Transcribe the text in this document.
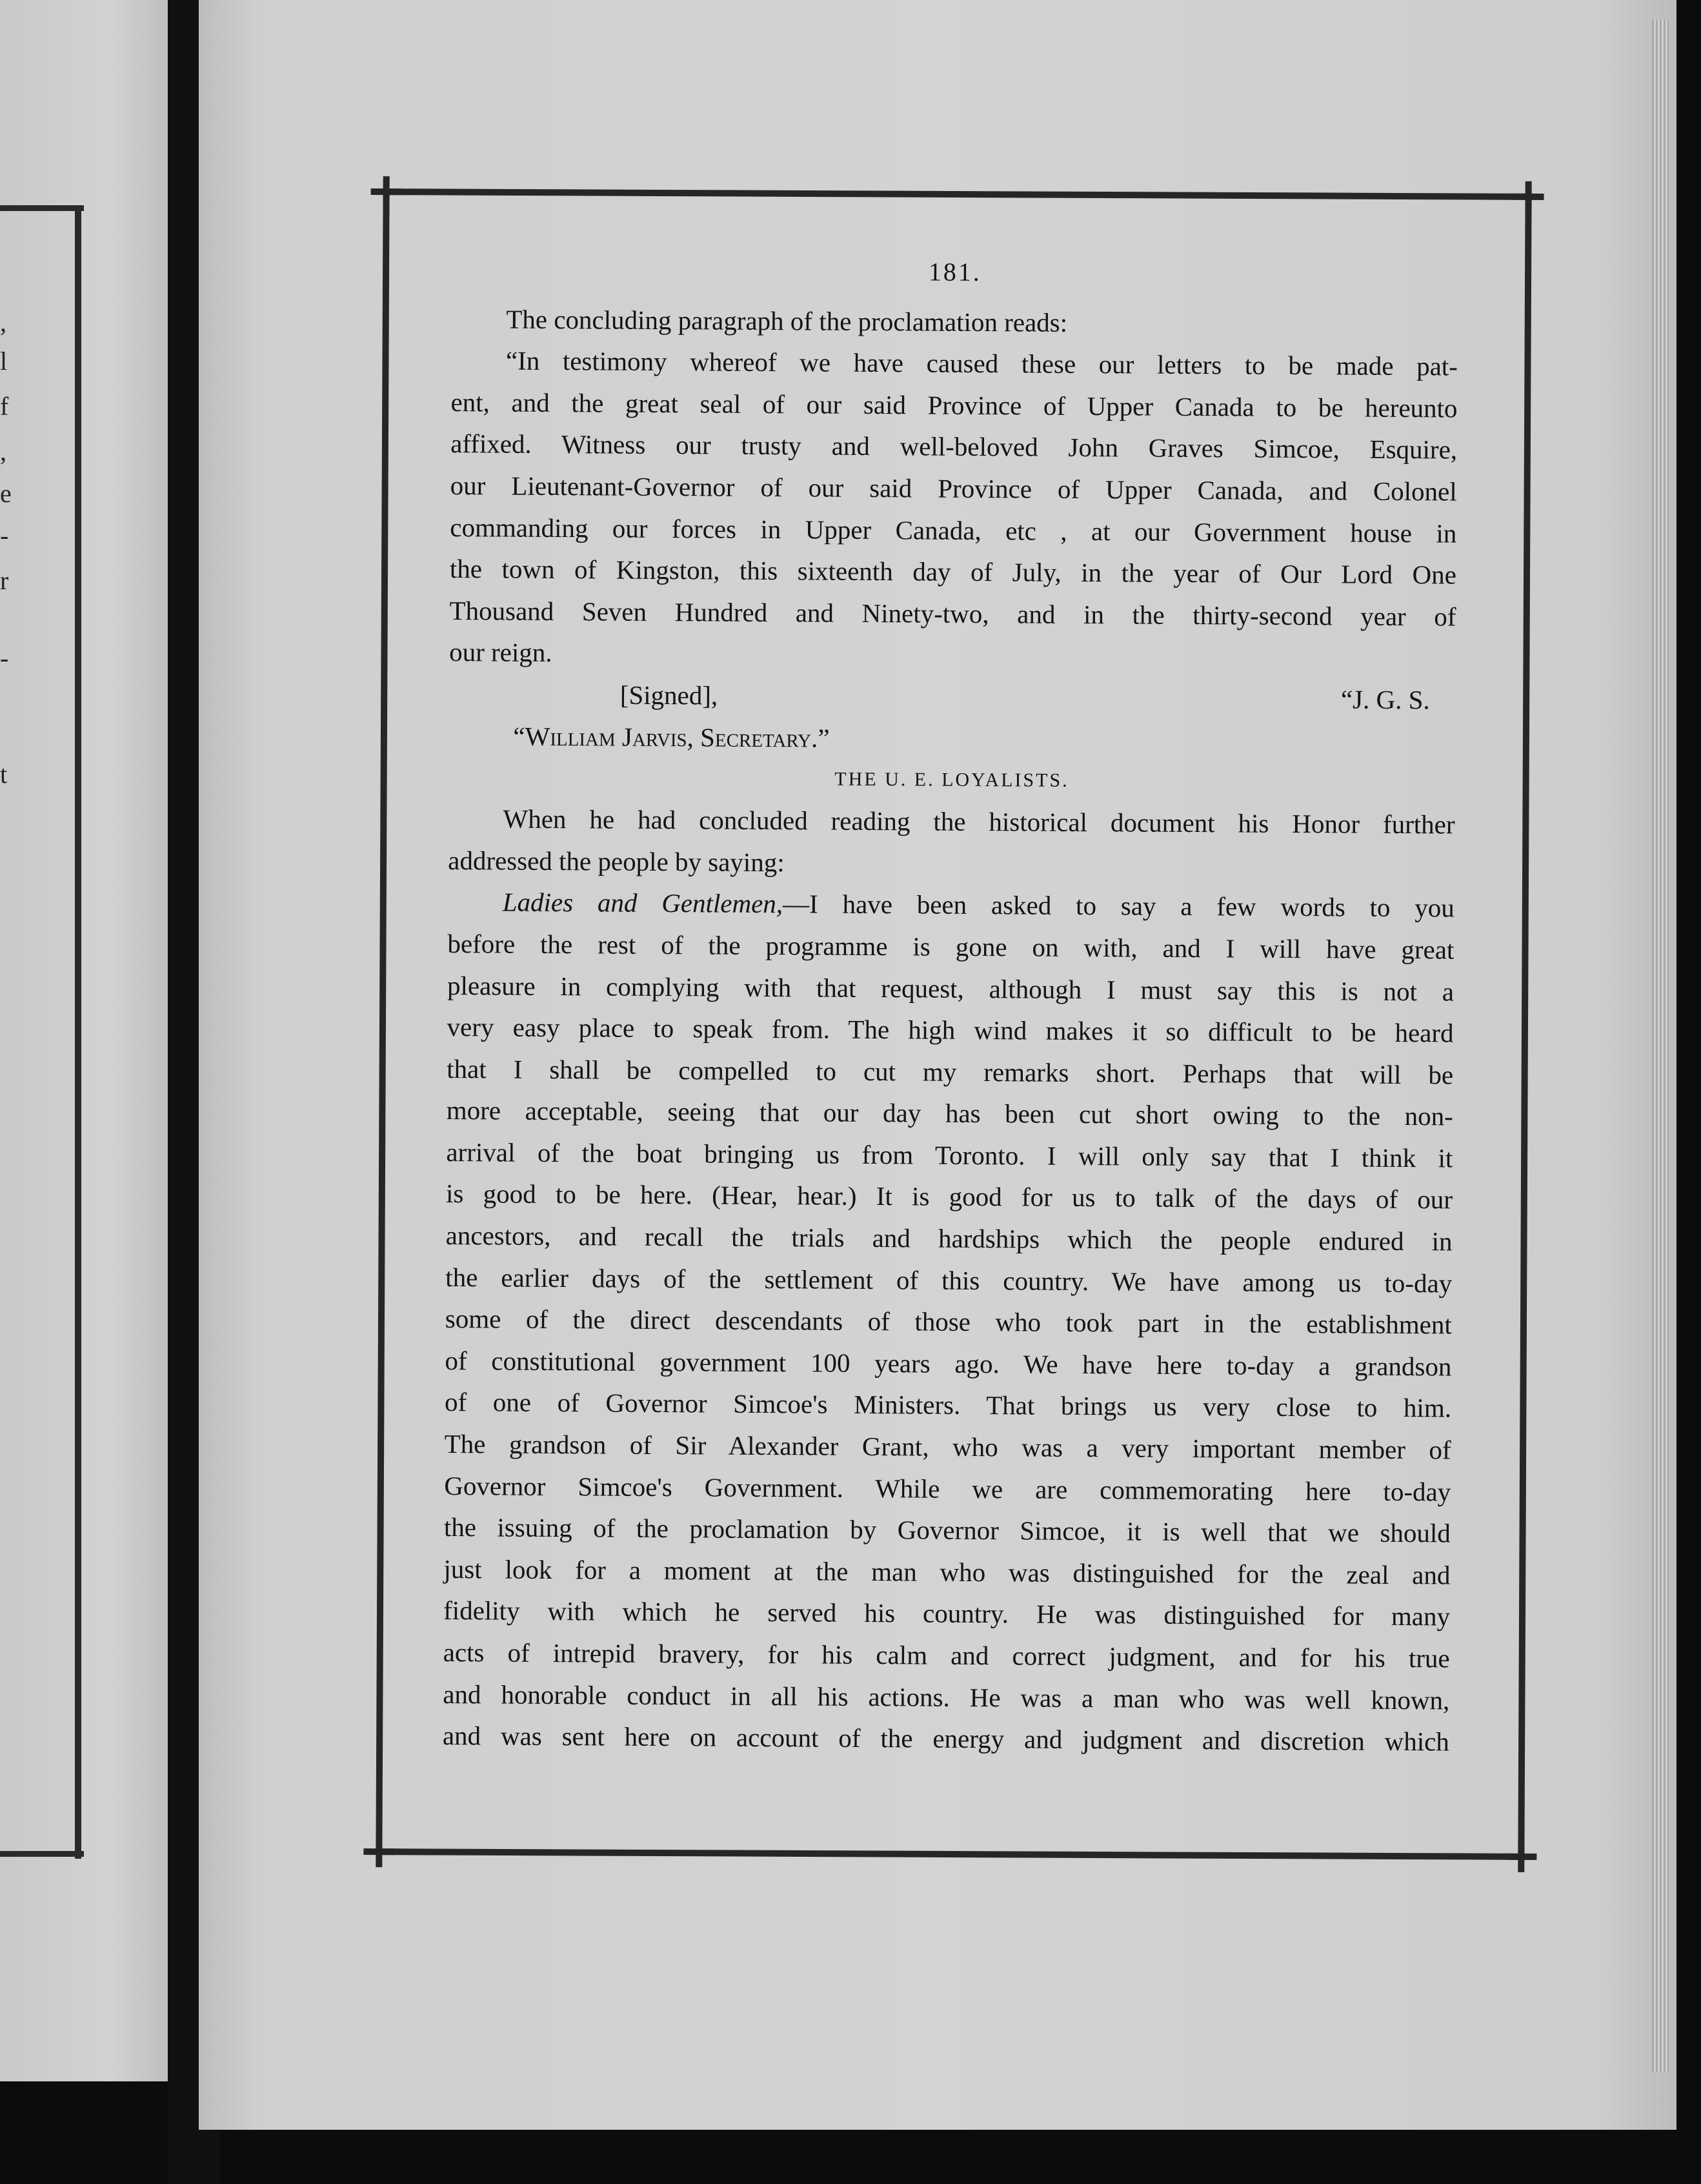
,
l
f
,
e
-
r
-
t
181.
The concluding paragraph of the proclamation reads:
“In testimony whereof we have caused these our letters to be made pat-
ent, and the great seal of our said Province of Upper Canada to be hereunto
affixed. Witness our trusty and well-beloved John Graves Simcoe, Esquire,
our Lieutenant-Governor of our said Province of Upper Canada, and Colonel
commanding our forces in Upper Canada, etc , at our Government house in
the town of Kingston, this sixteenth day of July, in the year of Our Lord One
Thousand Seven Hundred and Ninety-two, and in the thirty-second year of
our reign.
[Signed],	“J. G. S.
“William Jarvis, Secretary.”
THE U. E. LOYALISTS.
When he had concluded reading the historical document his Honor further
addressed the people by saying:
Ladies and Gentlemen,—I have been asked to say a few words to you
before the rest of the programme is gone on with, and I will have great
pleasure in complying with that request, although I must say this is not a
very easy place to speak from. The high wind makes it so difficult to be heard
that I shall be compelled to cut my remarks short. Perhaps that will be
more acceptable, seeing that our day has been cut short owing to the non-
arrival of the boat bringing us from Toronto. I will only say that I think it
is good to be here. (Hear, hear.) It is good for us to talk of the days of our
ancestors, and recall the trials and hardships which the people endured in
the earlier days of the settlement of this country. We have among us to-day
some of the direct descendants of those who took part in the establishment
of constitutional government 100 years ago. We have here to-day a grandson
of one of Governor Simcoe's Ministers. That brings us very close to him.
The grandson of Sir Alexander Grant, who was a very important member of
Governor Simcoe's Government. While we are commemorating here to-day
the issuing of the proclamation by Governor Simcoe, it is well that we should
just look for a moment at the man who was distinguished for the zeal and
fidelity with which he served his country. He was distinguished for many
acts of intrepid bravery, for his calm and correct judgment, and for his true
and honorable conduct in all his actions. He was a man who was well known,
and was sent here on account of the energy and judgment and discretion which
